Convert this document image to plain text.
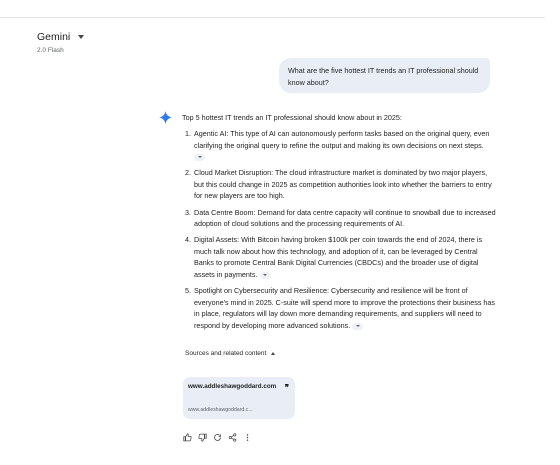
Gemini
2.0 Flash
What are the five hottest IT trends an IT professional should know about?
Top 5 hottest IT trends an IT professional should know about in 2025:
1. Agentic AI: This type of AI can autonomously perform tasks based on the original query, even clarifying the original query to refine the output and making its own decisions on next steps.

2. Cloud Market Disruption: The cloud infrastructure market is dominated by two major players, but this could change in 2025 as competition authorities look into whether the barriers to entry for new players are too high.
3. Data Centre Boom: Demand for data centre capacity will continue to snowball due to increased adoption of cloud solutions and the processing requirements of AI.
4. Digital Assets: With Bitcoin having broken $100k per coin towards the end of 2024, there is much talk now about how this technology, and adoption of it, can be leveraged by Central Banks to promote Central Bank Digital Currencies (CBDCs) and the broader use of digital assets in payments.
5. Spotlight on Cybersecurity and Resilience: Cybersecurity and resilience will be front of everyone's mind in 2025. C-suite will spend more to improve the protections their business has in place, regulators will lay down more demanding requirements, and suppliers will need to respond by developing more advanced solutions.
Sources and related content
www.addleshawgoddard.com	❞
www.addleshawgoddard.c...
